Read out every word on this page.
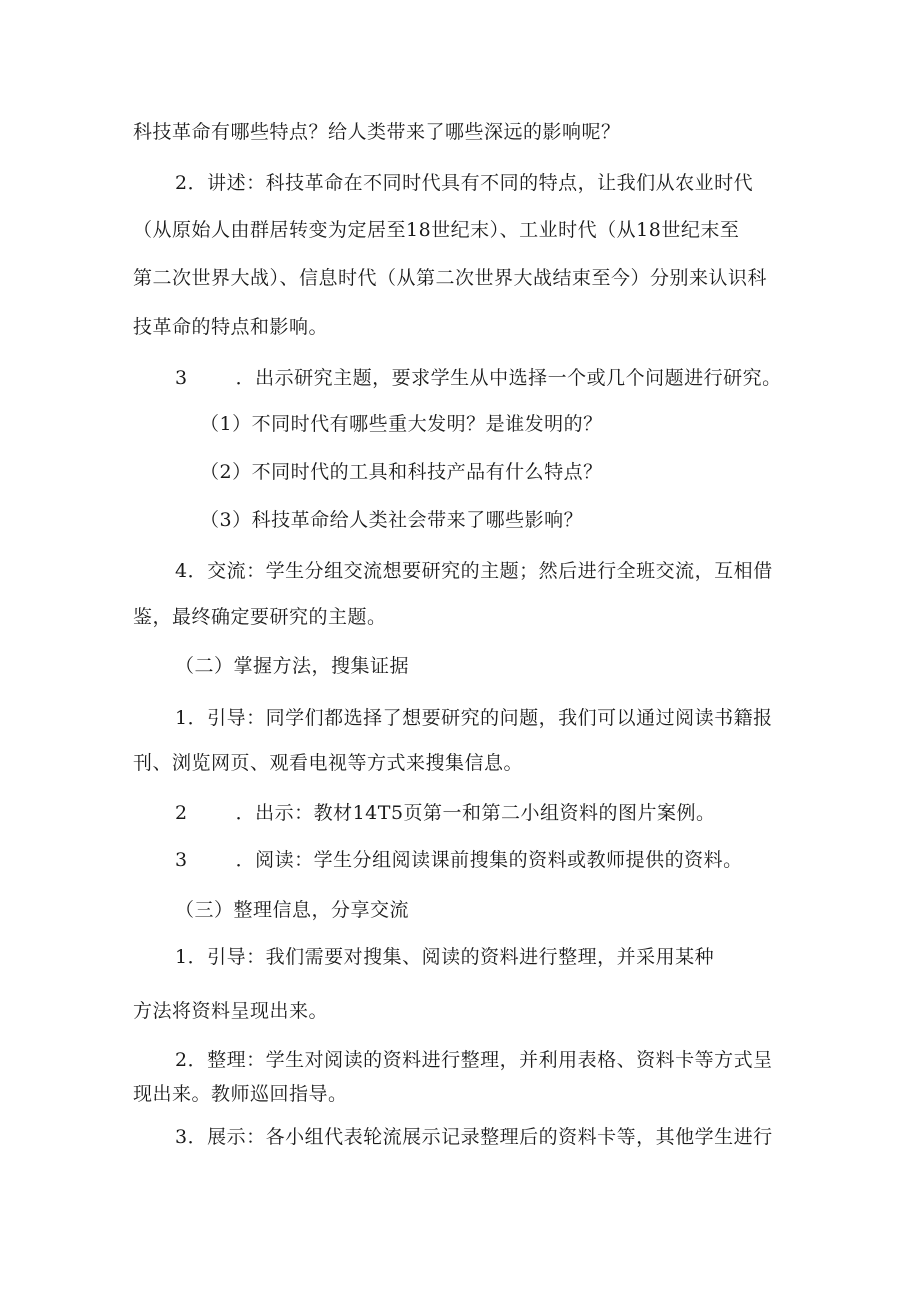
科技革命有哪些特点？给人类带来了哪些深远的影响呢？
2．讲述：科技革命在不同时代具有不同的特点，让我们从农业时代
（从原始人由群居转变为定居至18世纪末）、工业时代（从18世纪末至
第二次世界大战）、信息时代（从第二次世界大战结束至今）分别来认识科
技革命的特点和影响。
3	．出示研究主题，要求学生从中选择一个或几个问题进行研究。
（1）不同时代有哪些重大发明？是谁发明的？
（2）不同时代的工具和科技产品有什么特点？
（3）科技革命给人类社会带来了哪些影响？
4．交流：学生分组交流想要研究的主题；然后进行全班交流，互相借
鉴，最终确定要研究的主题。
（二）掌握方法，搜集证据
1．引导：同学们都选择了想要研究的问题，我们可以通过阅读书籍报
刊、浏览网页、观看电视等方式来搜集信息。
2	．出示：教材14T5页第一和第二小组资料的图片案例。
3	．阅读：学生分组阅读课前搜集的资料或教师提供的资料。
（三）整理信息，分享交流
1．引导：我们需要对搜集、阅读的资料进行整理，并采用某种
方法将资料呈现出来。
2．整理：学生对阅读的资料进行整理，并利用表格、资料卡等方式呈
现出来。教师巡回指导。
3．展示：各小组代表轮流展示记录整理后的资料卡等，其他学生进行
